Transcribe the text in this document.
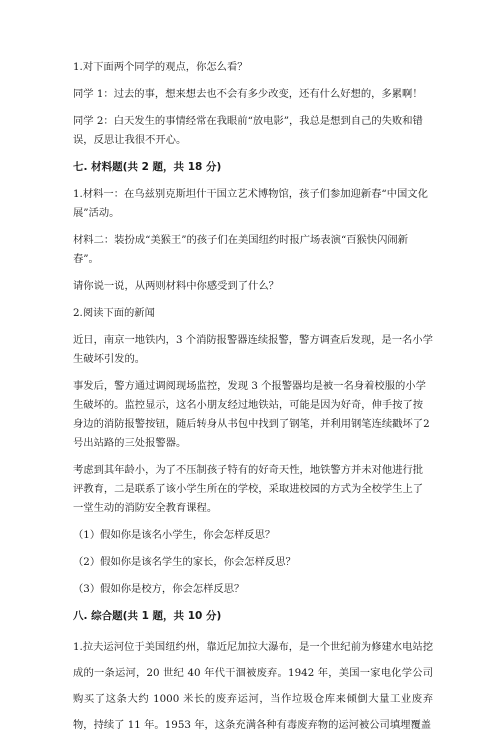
1.对下面两个同学的观点，你怎么看？

同学 1：过去的事，想来想去也不会有多少改变，还有什么好想的，多累啊！

同学 2：白天发生的事情经常在我眼前“放电影”，我总是想到自己的失败和错误，反思让我很不开心。

七. 材料题(共 2 题，共 18 分)

1.材料一：在乌兹别克斯坦什干国立艺术博物馆，孩子们参加迎新春“中国文化展”活动。

材料二：装扮成“美猴王”的孩子们在美国纽约时报广场表演“百猴快闪闹新春”。

请你说一说，从两则材料中你感受到了什么？

2.阅读下面的新闻

近日，南京一地铁内，3 个消防报警器连续报警，警方调查后发现，是一名小学生破坏引发的。

事发后，警方通过调阅现场监控，发现 3 个报警器均是被一名身着校服的小学生破坏的。监控显示，这名小朋友经过地铁站，可能是因为好奇，伸手按了按身边的消防报警按钮，随后转身从书包中找到了钢笔，并利用钢笔连续戳坏了2 号出站路的三处报警器。

考虑到其年龄小，为了不压制孩子特有的好奇天性，地铁警方并未对他进行批评教育，二是联系了该小学生所在的学校，采取进校园的方式为全校学生上了一堂生动的消防安全教育课程。

（1）假如你是该名小学生，你会怎样反思？

（2）假如你是该名学生的家长，你会怎样反思？

（3）假如你是校方，你会怎样反思？

八. 综合题(共 1 题，共 10 分)

1.拉夫运河位于美国纽约州，靠近尼加拉大瀑布，是一个世纪前为修建水电站挖成的一条运河，20 世纪 40 年代干涸被废弃。1942 年，美国一家电化学公司购买了这条大约 1000 米长的废弃运河，当作垃圾仓库来倾倒大量工业废弃物，持续了 11 年。1953 年，这条充满各种有毒废弃物的运河被公司填埋覆盖
